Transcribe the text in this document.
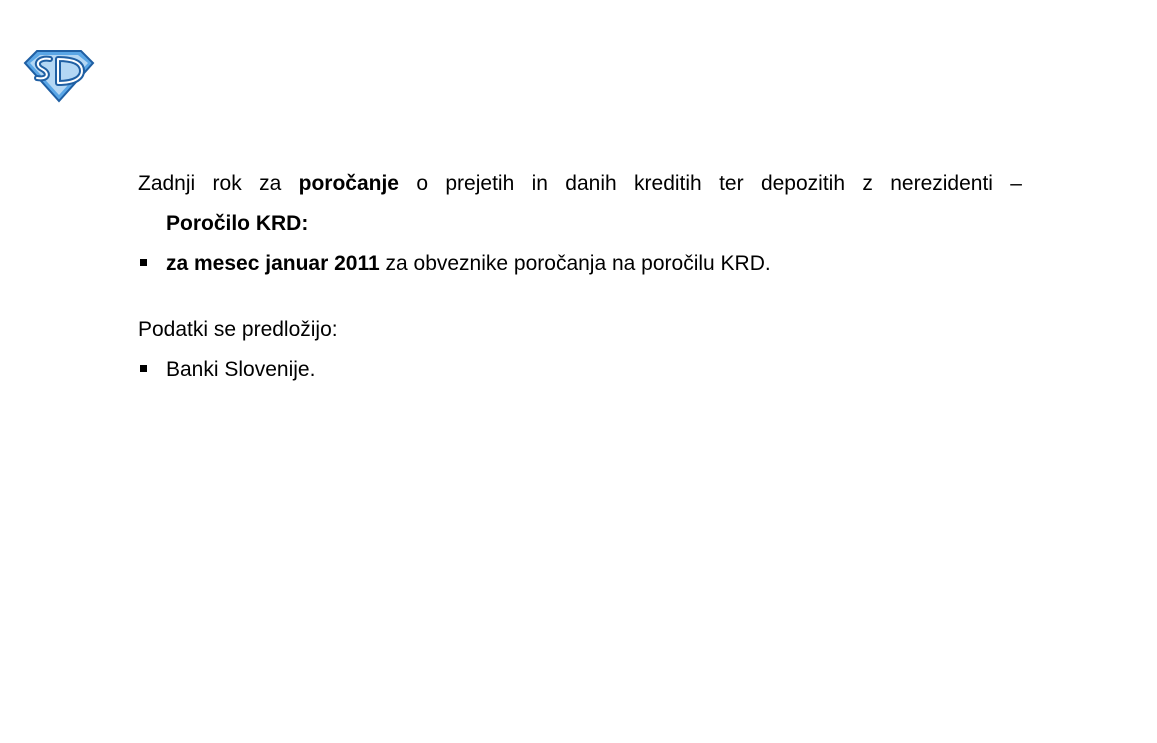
Zadnji rok za poročanje o prejetih in danih kreditih ter depozitih z nerezidenti –

Poročilo KRD:

za mesec januar 2011 za obveznike poročanja na poročilu KRD.

Podatki se predložijo:

Banki Slovenije.
